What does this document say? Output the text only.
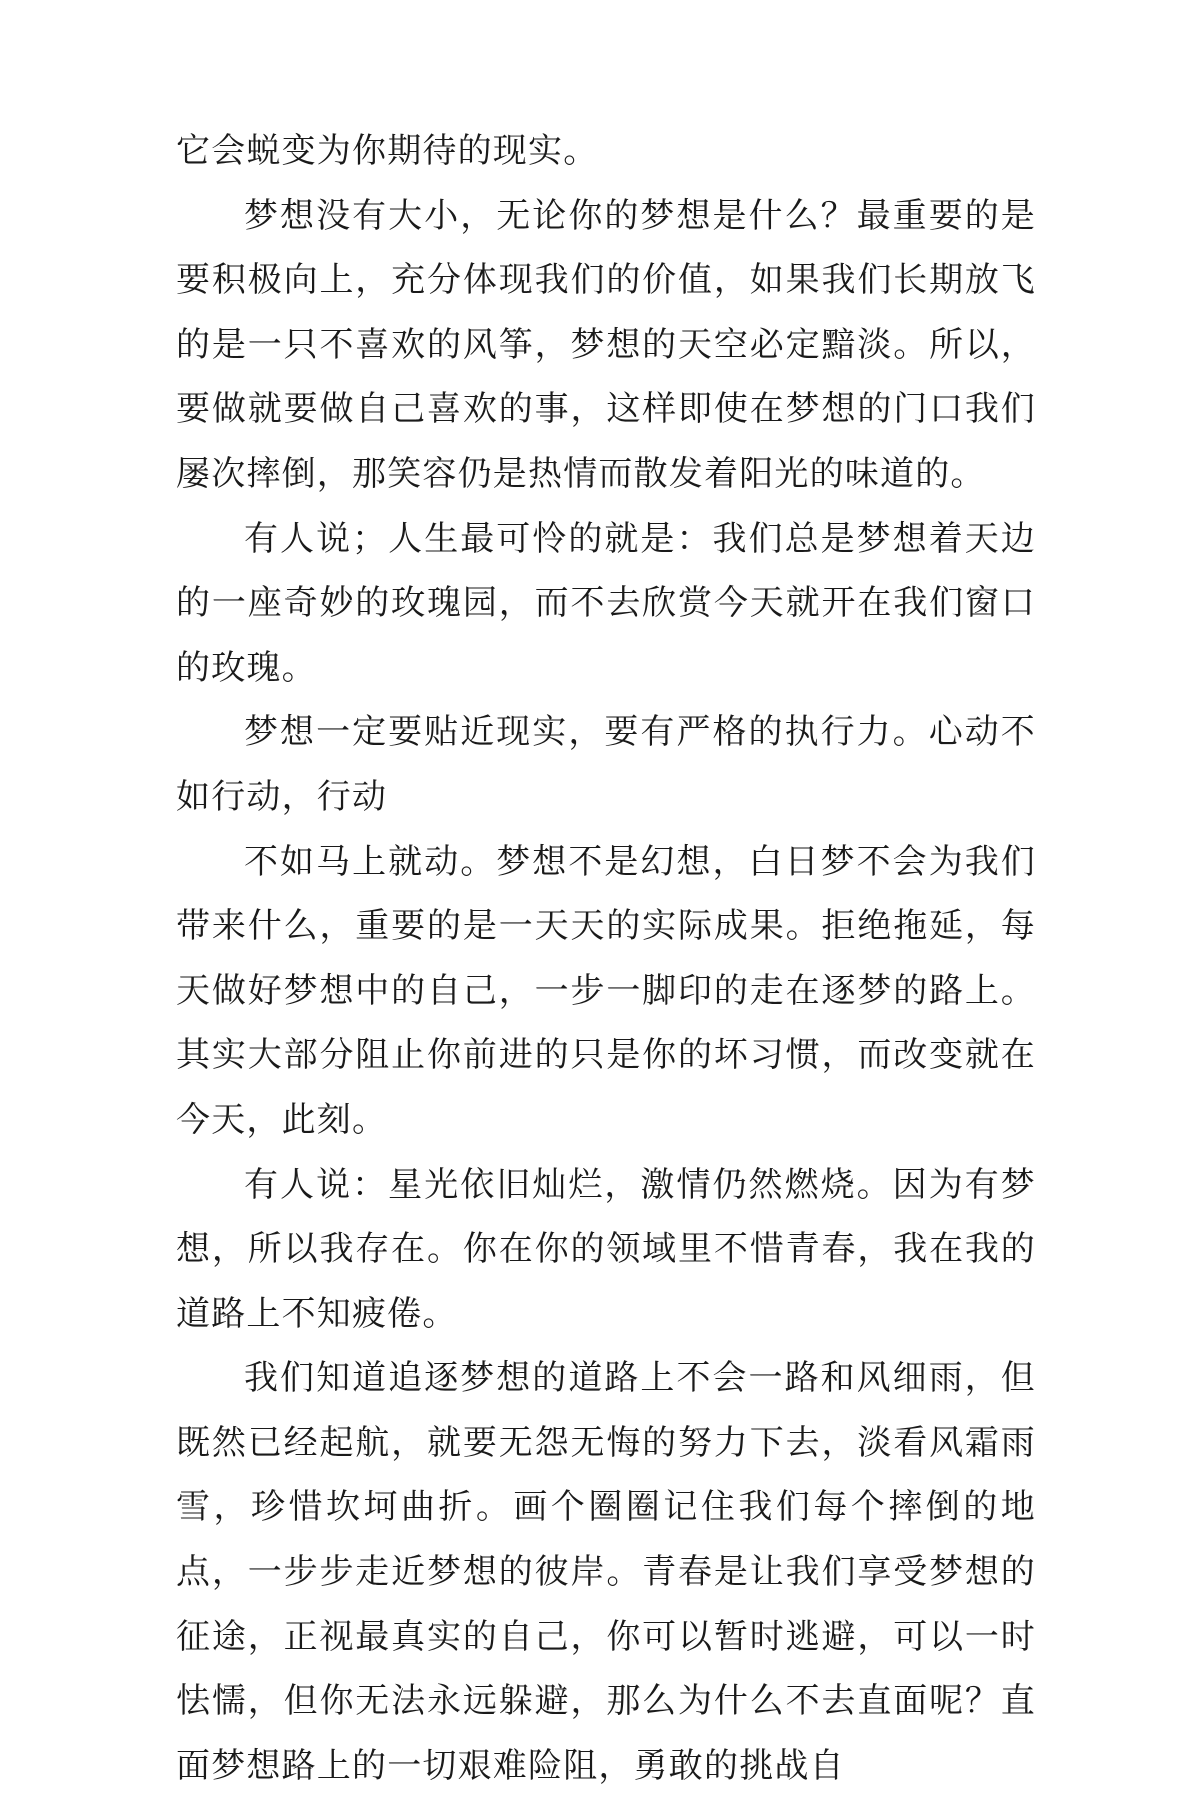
它会蜕变为你期待的现实。

梦想没有大小，无论你的梦想是什么？最重要的是要积极向上，充分体现我们的价值，如果我们长期放飞的是一只不喜欢的风筝，梦想的天空必定黯淡。所以，要做就要做自己喜欢的事，这样即使在梦想的门口我们屡次摔倒，那笑容仍是热情而散发着阳光的味道的。

有人说；人生最可怜的就是：我们总是梦想着天边的一座奇妙的玫瑰园，而不去欣赏今天就开在我们窗口的玫瑰。

梦想一定要贴近现实，要有严格的执行力。心动不如行动，行动

不如马上就动。梦想不是幻想，白日梦不会为我们带来什么，重要的是一天天的实际成果。拒绝拖延，每天做好梦想中的自己，一步一脚印的走在逐梦的路上。其实大部分阻止你前进的只是你的坏习惯，而改变就在今天，此刻。

有人说：星光依旧灿烂，激情仍然燃烧。因为有梦想，所以我存在。你在你的领域里不惜青春，我在我的道路上不知疲倦。

我们知道追逐梦想的道路上不会一路和风细雨，但既然已经起航，就要无怨无悔的努力下去，淡看风霜雨雪，珍惜坎坷曲折。画个圈圈记住我们每个摔倒的地点，一步步走近梦想的彼岸。青春是让我们享受梦想的征途，正视最真实的自己，你可以暂时逃避，可以一时怯懦，但你无法永远躲避，那么为什么不去直面呢？直面梦想路上的一切艰难险阻，勇敢的挑战自
